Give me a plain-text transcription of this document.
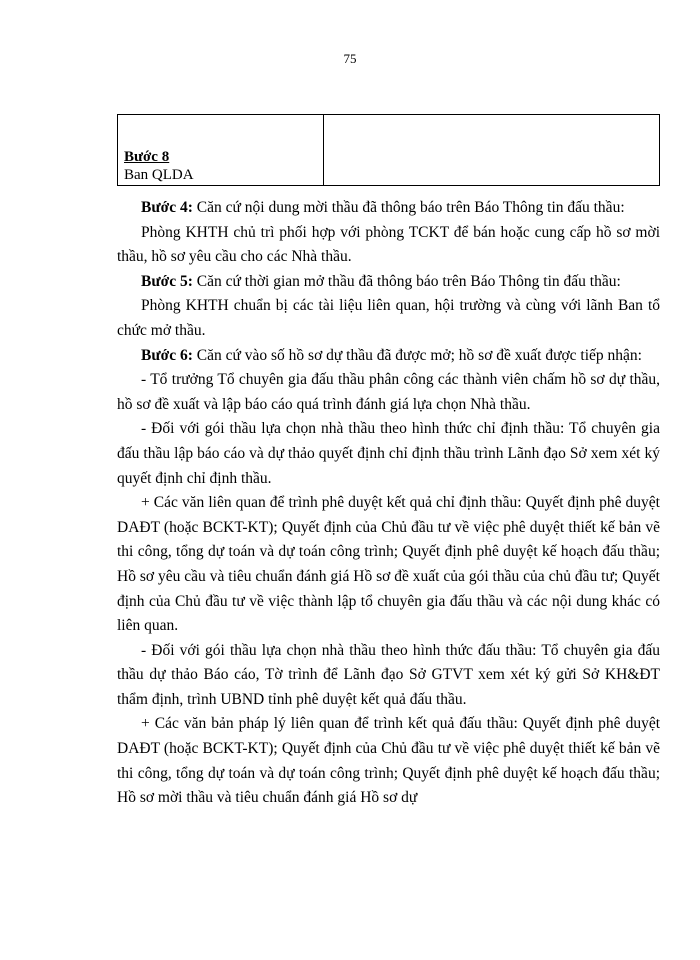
75
Bước 8
Ban QLDA

Bước 4: Căn cứ nội dung mời thầu đã thông báo trên Báo Thông tin đấu thầu:

Phòng KHTH chủ trì phối hợp với phòng TCKT để bán hoặc cung cấp hồ sơ mời thầu, hồ sơ yêu cầu cho các Nhà thầu.

Bước 5: Căn cứ thời gian mở thầu đã thông báo trên Báo Thông tin đấu thầu:

Phòng KHTH chuẩn bị các tài liệu liên quan, hội trường và cùng với lãnh Ban tổ chức mở thầu.

Bước 6: Căn cứ vào số hồ sơ dự thầu đã được mở; hồ sơ đề xuất được tiếp nhận:

- Tổ trưởng Tổ chuyên gia đấu thầu phân công các thành viên chấm hồ sơ dự thầu, hồ sơ đề xuất và lập báo cáo quá trình đánh giá lựa chọn Nhà thầu.

- Đối với gói thầu lựa chọn nhà thầu theo hình thức chỉ định thầu: Tổ chuyên gia đấu thầu lập báo cáo và dự thảo quyết định chỉ định thầu trình Lãnh đạo Sở xem xét ký quyết định chỉ định thầu.

+ Các văn liên quan để trình phê duyệt kết quả chỉ định thầu: Quyết định phê duyệt DAĐT (hoặc BCKT-KT); Quyết định của Chủ đầu tư về việc phê duyệt thiết kế bản vẽ thi công, tổng dự toán và dự toán công trình; Quyết định phê duyệt kế hoạch đấu thầu; Hồ sơ yêu cầu và tiêu chuẩn đánh giá Hồ sơ đề xuất của gói thầu của chủ đầu tư; Quyết định của Chủ đầu tư về việc thành lập tổ chuyên gia đấu thầu và các nội dung khác có liên quan.

- Đối với gói thầu lựa chọn nhà thầu theo hình thức đấu thầu: Tổ chuyên gia đấu thầu dự thảo Báo cáo, Tờ trình để Lãnh đạo Sở GTVT xem xét ký gửi Sở KH&ĐT thẩm định, trình UBND tỉnh phê duyệt kết quả đấu thầu.

+ Các văn bản pháp lý liên quan để trình kết quả đấu thầu: Quyết định phê duyệt DAĐT (hoặc BCKT-KT); Quyết định của Chủ đầu tư về việc phê duyệt thiết kế bản vẽ thi công, tổng dự toán và dự toán công trình; Quyết định phê duyệt kế hoạch đấu thầu; Hồ sơ mời thầu và tiêu chuẩn đánh giá Hồ sơ dự
